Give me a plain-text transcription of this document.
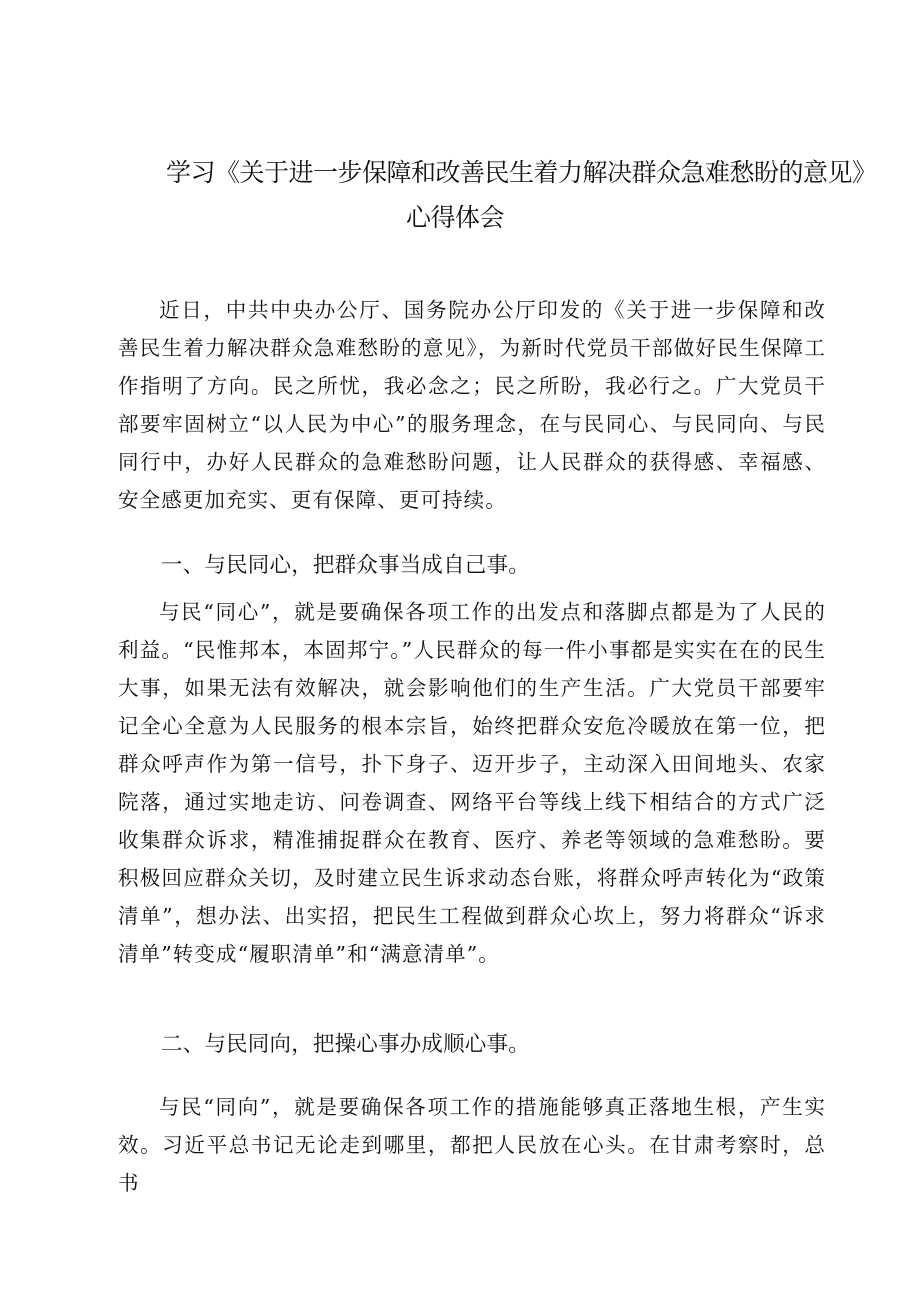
学习《关于进一步保障和改善民生着力解决群众急难愁盼的意见》
心得体会

近日，中共中央办公厅、国务院办公厅印发的《关于进一步保障和改善民生着力解决群众急难愁盼的意见》，为新时代党员干部做好民生保障工作指明了方向。民之所忧，我必念之；民之所盼，我必行之。广大党员干部要牢固树立“以人民为中心”的服务理念，在与民同心、与民同向、与民同行中，办好人民群众的急难愁盼问题，让人民群众的获得感、幸福感、安全感更加充实、更有保障、更可持续。

一、与民同心，把群众事当成自己事。

与民“同心”，就是要确保各项工作的出发点和落脚点都是为了人民的利益。“民惟邦本，本固邦宁。”人民群众的每一件小事都是实实在在的民生大事，如果无法有效解决，就会影响他们的生产生活。广大党员干部要牢记全心全意为人民服务的根本宗旨，始终把群众安危冷暖放在第一位，把群众呼声作为第一信号，扑下身子、迈开步子，主动深入田间地头、农家院落，通过实地走访、问卷调查、网络平台等线上线下相结合的方式广泛收集群众诉求，精准捕捉群众在教育、医疗、养老等领域的急难愁盼。要积极回应群众关切，及时建立民生诉求动态台账，将群众呼声转化为“政策清单”，想办法、出实招，把民生工程做到群众心坎上，努力将群众“诉求清单”转变成“履职清单”和“满意清单”。

二、与民同向，把操心事办成顺心事。

与民“同向”，就是要确保各项工作的措施能够真正落地生根，产生实效。习近平总书记无论走到哪里，都把人民放在心头。在甘肃考察时，总书
